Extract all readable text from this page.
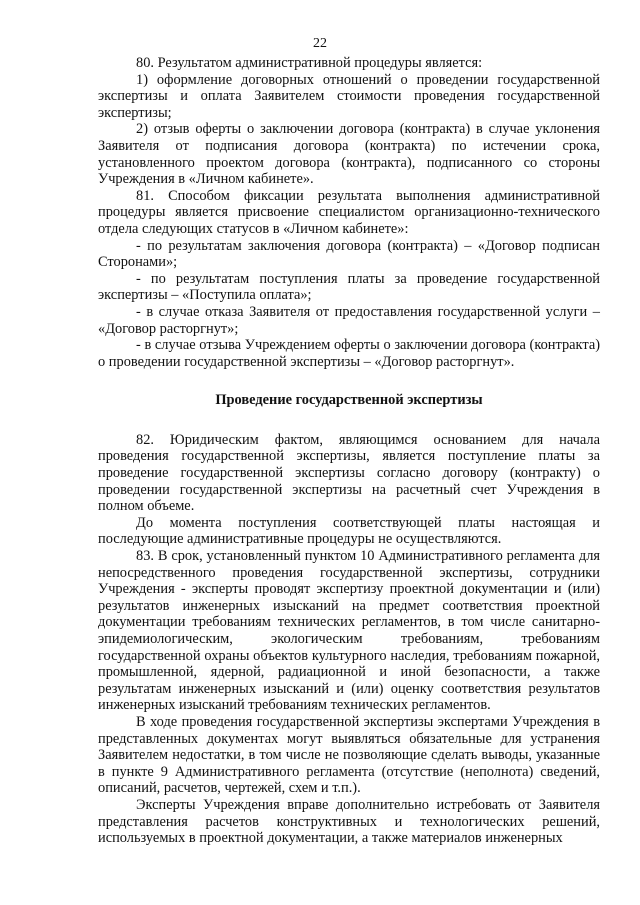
22

80. Результатом административной процедуры является:

1) оформление договорных отношений о проведении государственной экспертизы и оплата Заявителем стоимости проведения государственной экспертизы;

2) отзыв оферты о заключении договора (контракта) в случае уклонения Заявителя от подписания договора (контракта) по истечении срока, установленного проектом договора (контракта), подписанного со стороны Учреждения в «Личном кабинете».

81. Способом фиксации результата выполнения административной процедуры является присвоение специалистом организационно-технического отдела следующих статусов в «Личном кабинете»:

- по результатам заключения договора (контракта) – «Договор подписан Сторонами»;

- по результатам поступления платы за проведение государственной экспертизы – «Поступила оплата»;

- в случае отказа Заявителя от предоставления государственной услуги – «Договор расторгнут»;

- в случае отзыва Учреждением оферты о заключении договора (контракта) о проведении государственной экспертизы – «Договор расторгнут».

Проведение государственной экспертизы

82. Юридическим фактом, являющимся основанием для начала проведения государственной экспертизы, является поступление платы за проведение государственной экспертизы согласно договору (контракту) о проведении государственной экспертизы на расчетный счет Учреждения в полном объеме.

До момента поступления соответствующей платы настоящая и последующие административные процедуры не осуществляются.

83. В срок, установленный пунктом 10 Административного регламента для непосредственного проведения государственной экспертизы, сотрудники Учреждения - эксперты проводят экспертизу проектной документации и (или) результатов инженерных изысканий на предмет соответствия проектной документации требованиям технических регламентов, в том числе санитарно-эпидемиологическим, экологическим требованиям, требованиям государственной охраны объектов культурного наследия, требованиям пожарной, промышленной, ядерной, радиационной и иной безопасности, а также результатам инженерных изысканий и (или) оценку соответствия результатов инженерных изысканий требованиям технических регламентов.

В ходе проведения государственной экспертизы экспертами Учреждения в представленных документах могут выявляться обязательные для устранения Заявителем недостатки, в том числе не позволяющие сделать выводы, указанные в пункте 9 Административного регламента (отсутствие (неполнота) сведений, описаний, расчетов, чертежей, схем и т.п.).

Эксперты Учреждения вправе дополнительно истребовать от Заявителя представления расчетов конструктивных и технологических решений, используемых в проектной документации, а также материалов инженерных
